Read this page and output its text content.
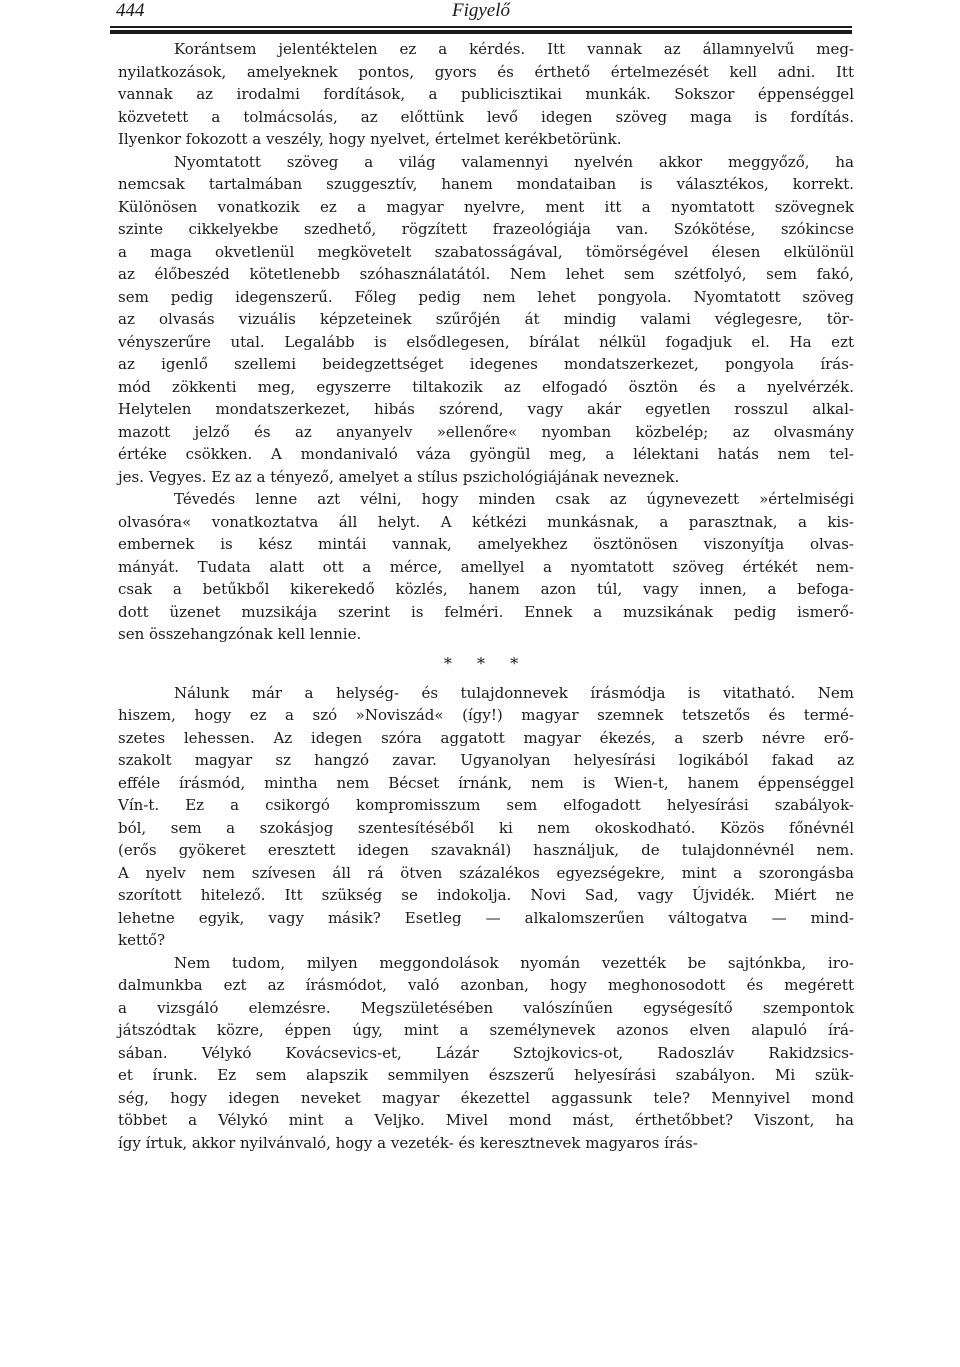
444	Figyelő
Korántsem jelentéktelen ez a kérdés. Itt vannak az államnyelvű meg-
nyilatkozások, amelyeknek pontos, gyors és érthető értelmezését kell adni. Itt
vannak az irodalmi fordítások, a publicisztikai munkák. Sokszor éppenséggel
közvetett a tolmácsolás, az előttünk levő idegen szöveg maga is fordítás.
Ilyenkor fokozott a veszély, hogy nyelvet, értelmet kerékbetörünk.
Nyomtatott szöveg a világ valamennyi nyelvén akkor meggyőző, ha
nemcsak tartalmában szuggesztív, hanem mondataiban is választékos, korrekt.
Különösen vonatkozik ez a magyar nyelvre, ment itt a nyomtatott szövegnek
szinte cikkelyekbe szedhető, rögzített frazeológiája van. Szókötése, szókincse
a maga okvetlenül megkövetelt szabatosságával, tömörségével élesen elkülönül
az élőbeszéd kötetlenebb szóhasználatától. Nem lehet sem szétfolyó, sem fakó,
sem pedig idegenszerű. Főleg pedig nem lehet pongyola. Nyomtatott szöveg
az olvasás vizuális képzeteinek szűrőjén át mindig valami véglegesre, tör-
vényszerűre utal. Legalább is elsődlegesen, bírálat nélkül fogadjuk el. Ha ezt
az igenlő szellemi beidegzettséget idegenes mondatszerkezet, pongyola írás-
mód zökkenti meg, egyszerre tiltakozik az elfogadó ösztön és a nyelvérzék.
Helytelen mondatszerkezet, hibás szórend, vagy akár egyetlen rosszul alkal-
mazott jelző és az anyanyelv »ellenőre« nyomban közbelép; az olvasmány
értéke csökken. A mondanivaló váza gyöngül meg, a lélektani hatás nem tel-
jes. Vegyes. Ez az a tényező, amelyet a stílus pszichológiájának neveznek.
Tévedés lenne azt vélni, hogy minden csak az úgynevezett »értelmiségi
olvasóra« vonatkoztatva áll helyt. A kétkézi munkásnak, a parasztnak, a kis-
embernek is kész mintái vannak, amelyekhez ösztönösen viszonyítja olvas-
mányát. Tudata alatt ott a mérce, amellyel a nyomtatott szöveg értékét nem-
csak a betűkből kikerekedő közlés, hanem azon túl, vagy innen, a befoga-
dott üzenet muzsikája szerint is felméri. Ennek a muzsikának pedig ismerő-
sen összehangzónak kell lennie.
* * *
Nálunk már a helység- és tulajdonnevek írásmódja is vitatható. Nem
hiszem, hogy ez a szó »Noviszád« (így!) magyar szemnek tetszetős és termé-
szetes lehessen. Az idegen szóra aggatott magyar ékezés, a szerb névre erő-
szakolt magyar sz hangzó zavar. Ugyanolyan helyesírási logikából fakad az
efféle írásmód, mintha nem Bécset írnánk, nem is Wien-t, hanem éppenséggel
Vín-t. Ez a csikorgó kompromisszum sem elfogadott helyesírási szabályok-
ból, sem a szokásjog szentesítéséből ki nem okoskodható. Közös főnévnél
(erős gyökeret eresztett idegen szavaknál) használjuk, de tulajdonnévnél nem.
A nyelv nem szívesen áll rá ötven százalékos egyezségekre, mint a szorongásba
szorított hitelező. Itt szükség se indokolja. Novi Sad, vagy Újvidék. Miért ne
lehetne egyik, vagy másik? Esetleg — alkalomszerűen váltogatva — mind-
kettő?
Nem tudom, milyen meggondolások nyomán vezették be sajtónkba, iro-
dalmunkba ezt az írásmódot, való azonban, hogy meghonosodott és megérett
a vizsgáló elemzésre. Megszületésében valószínűen egységesítő szempontok
játszódtak közre, éppen úgy, mint a személynevek azonos elven alapuló írá-
sában. Vélykó Kovácsevics-et, Lázár Sztojkovics-ot, Radoszláv Rakidzsics-
et írunk. Ez sem alapszik semmilyen észszerű helyesírási szabályon. Mi szük-
ség, hogy idegen neveket magyar ékezettel aggassunk tele? Mennyivel mond
többet a Vélykó mint a Veljko. Mivel mond mást, érthetőbbet? Viszont, ha
így írtuk, akkor nyilvánvaló, hogy a vezeték- és keresztnevek magyaros írás-
